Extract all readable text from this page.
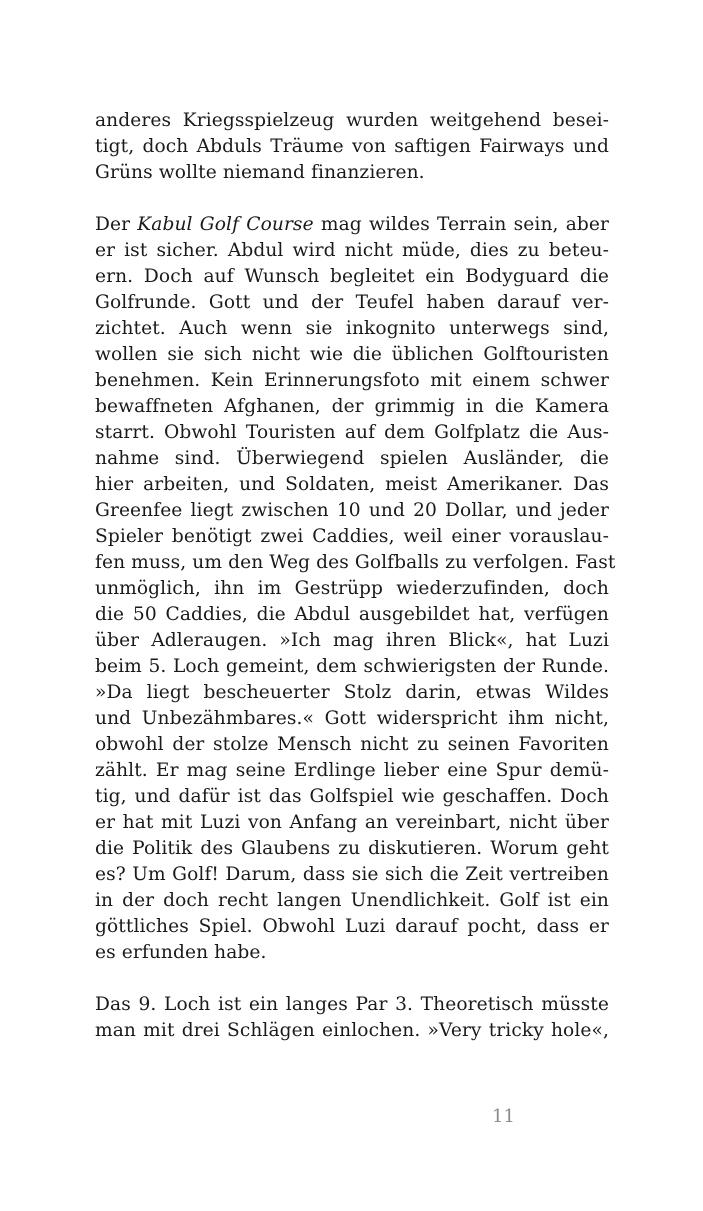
anderes Kriegsspielzeug wurden weitgehend besei-
tigt, doch Abduls Träume von saftigen Fairways und
Grüns wollte niemand finanzieren.

Der Kabul Golf Course mag wildes Terrain sein, aber
er ist sicher. Abdul wird nicht müde, dies zu beteu-
ern. Doch auf Wunsch begleitet ein Bodyguard die
Golfrunde. Gott und der Teufel haben darauf ver-
zichtet. Auch wenn sie inkognito unterwegs sind,
wollen sie sich nicht wie die üblichen Golftouristen
benehmen. Kein Erinnerungsfoto mit einem schwer
bewaffneten Afghanen, der grimmig in die Kamera
starrt. Obwohl Touristen auf dem Golfplatz die Aus-
nahme sind. Überwiegend spielen Ausländer, die
hier arbeiten, und Soldaten, meist Amerikaner. Das
Greenfee liegt zwischen 10 und 20 Dollar, und jeder
Spieler benötigt zwei Caddies, weil einer vorauslau-
fen muss, um den Weg des Golfballs zu verfolgen. Fast
unmöglich, ihn im Gestrüpp wiederzufinden, doch
die 50 Caddies, die Abdul ausgebildet hat, verfügen
über Adleraugen. »Ich mag ihren Blick«, hat Luzi
beim 5. Loch gemeint, dem schwierigsten der Runde.
»Da liegt bescheuerter Stolz darin, etwas Wildes
und Unbezähmbares.« Gott widerspricht ihm nicht,
obwohl der stolze Mensch nicht zu seinen Favoriten
zählt. Er mag seine Erdlinge lieber eine Spur demü-
tig, und dafür ist das Golfspiel wie geschaffen. Doch
er hat mit Luzi von Anfang an vereinbart, nicht über
die Politik des Glaubens zu diskutieren. Worum geht
es? Um Golf! Darum, dass sie sich die Zeit vertreiben
in der doch recht langen Unendlichkeit. Golf ist ein
göttliches Spiel. Obwohl Luzi darauf pocht, dass er
es erfunden habe.

Das 9. Loch ist ein langes Par 3. Theoretisch müsste
man mit drei Schlägen einlochen. »Very tricky hole«,

11
